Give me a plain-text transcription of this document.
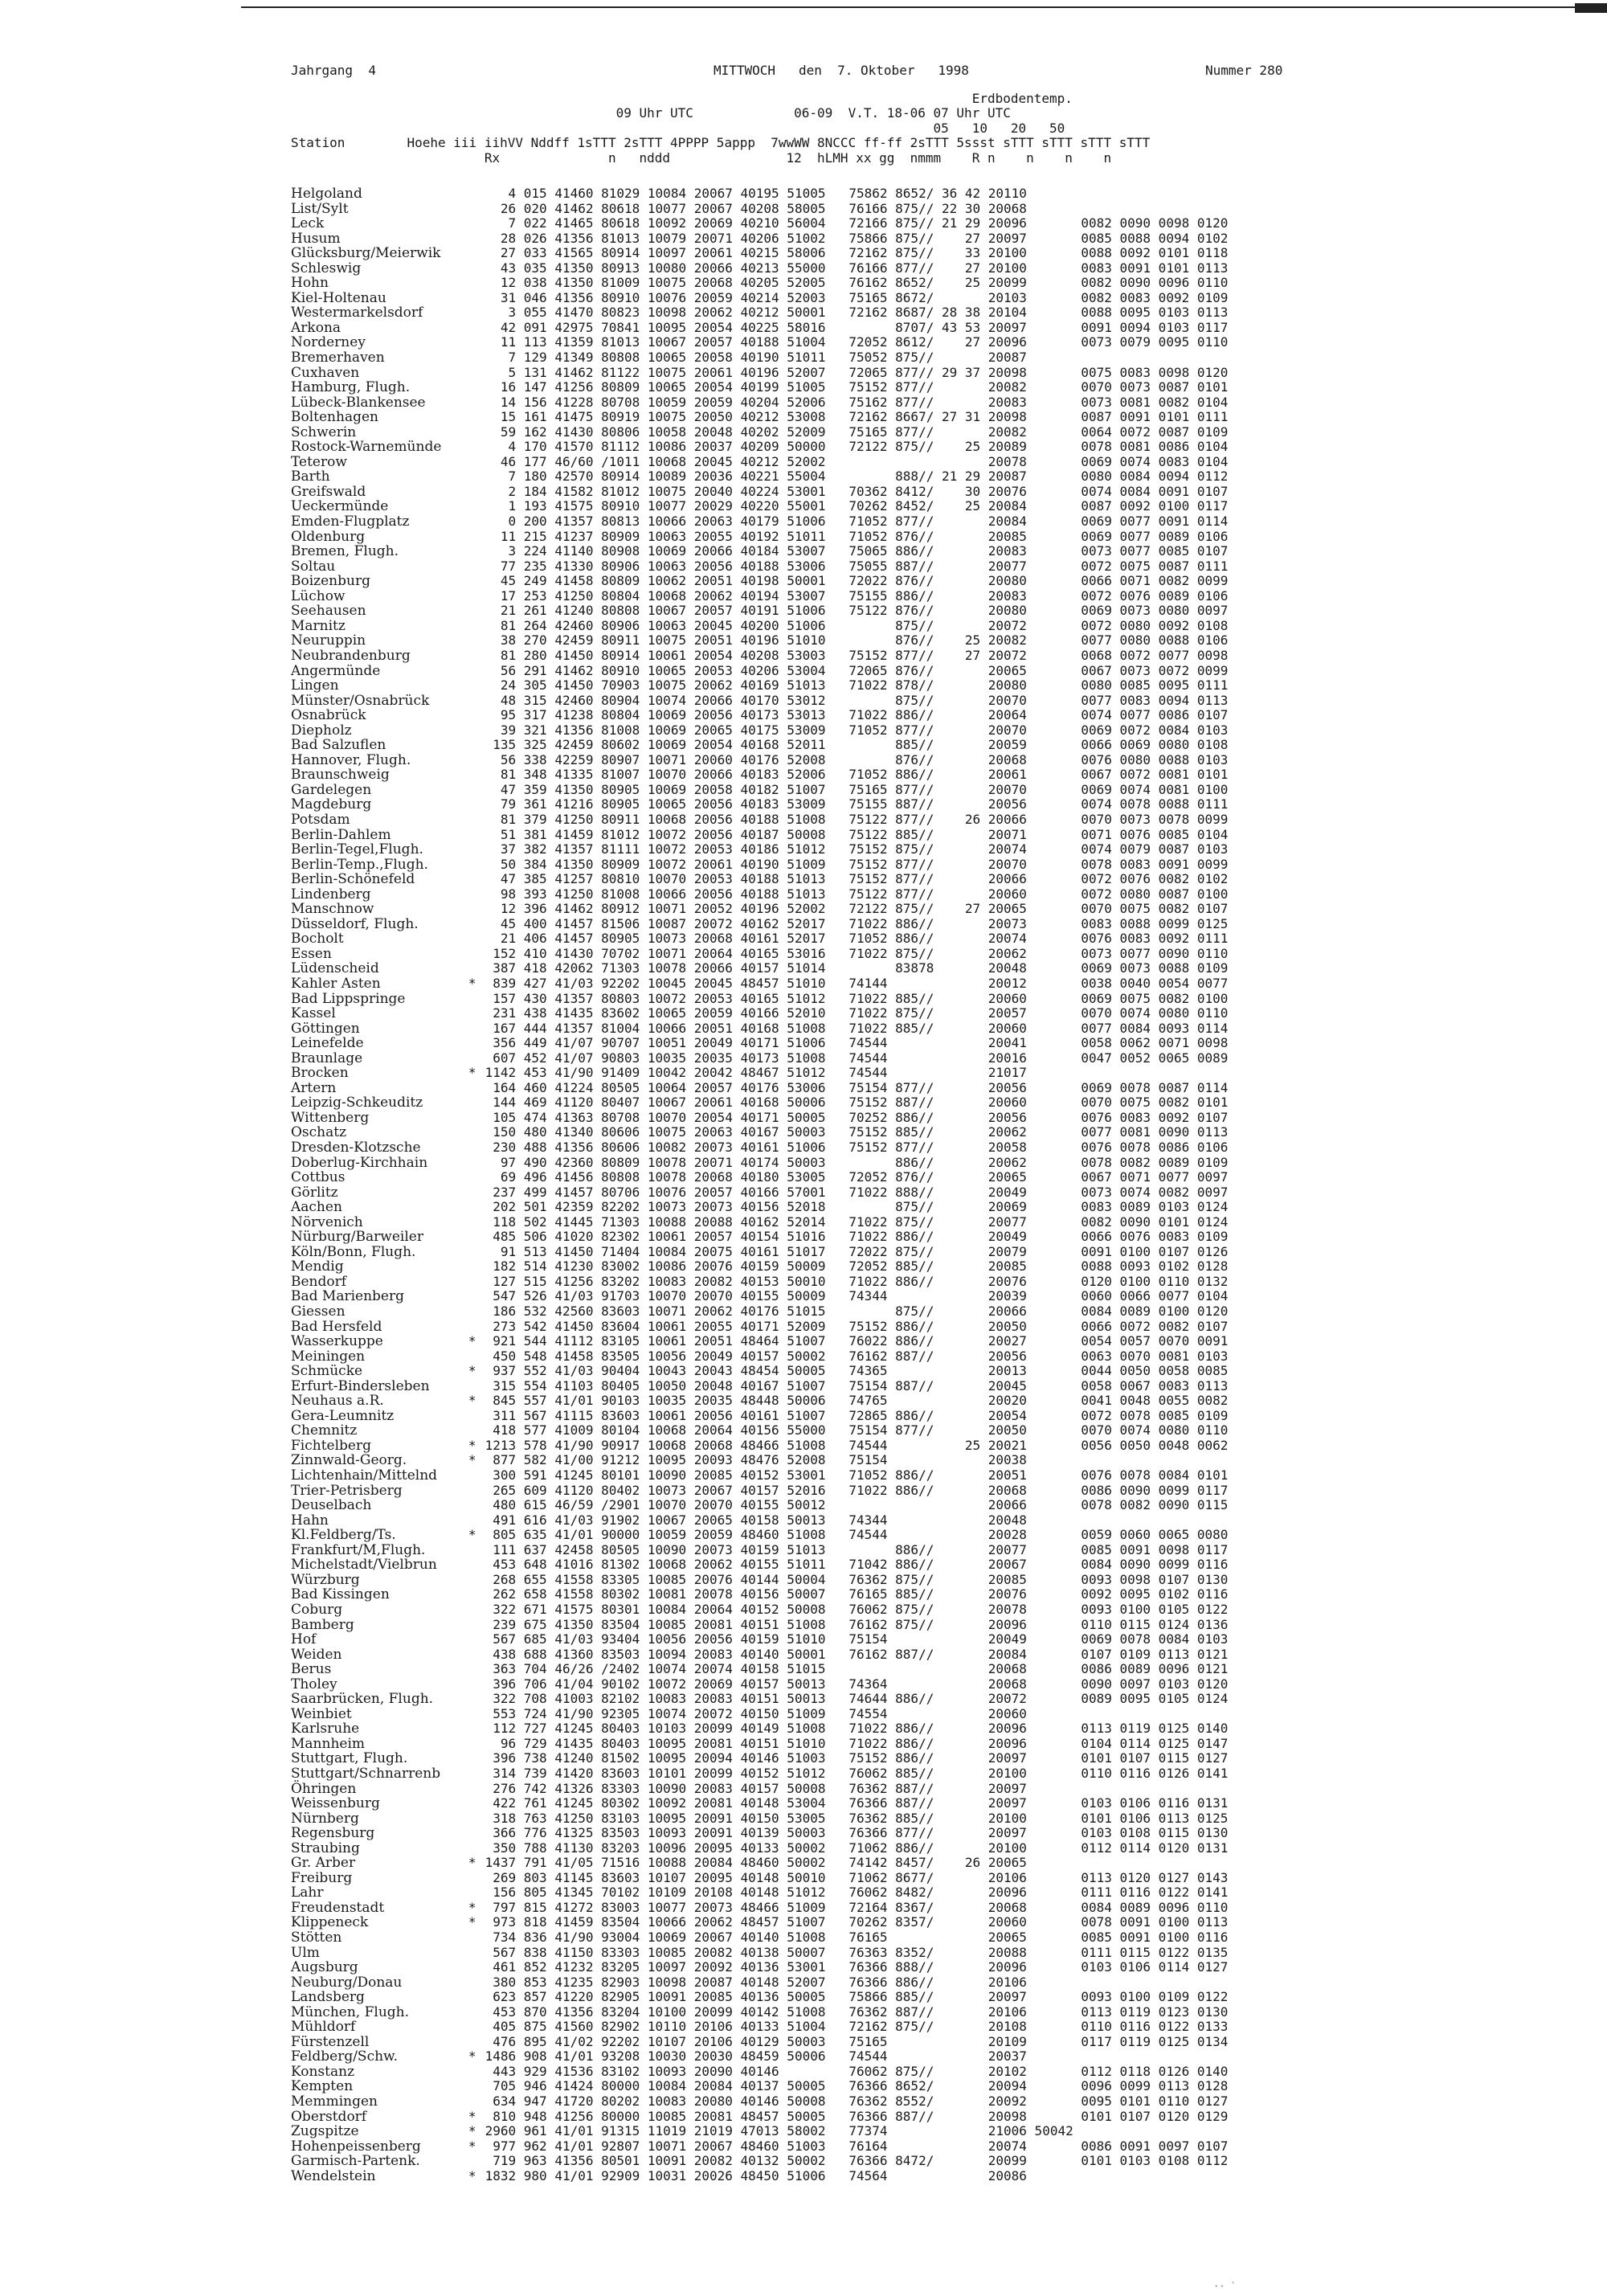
Jahrgang  4	MITTWOCH   den  7. Oktober   1998	Nummer 280
Erdbodentemp.
09 Uhr UTC             06-09  V.T. 18-06 07 Uhr UTC
05   10   20   50
Station        Hoehe iii iihVV Nddff 1sTTT 2sTTT 4PPPP 5appp  7wwWW 8NCCC ff-ff 2sTTT 5ssst sTTT sTTT sTTT sTTT
Rx              n   nddd               12  hLMH xx gg  nmmm    R n    n    n    n
Helgoland		4 015 41460 81029 10084 20067 40195 51005   75862 8652/ 36 42 20110
List/Sylt		26 020 41462 80618 10077 20067 40208 58005   76166 875// 22 30 20068
Leck		7 022 41465 80618 10092 20069 40210 56004   72166 875// 21 29 20096       0082 0090 0098 0120
Husum		28 026 41356 81013 10079 20071 40206 51002   75866 875//    27 20097       0085 0088 0094 0102
Glücksburg/Meierwik		27 033 41565 80914 10097 20061 40215 58006   72162 875//    33 20100       0088 0092 0101 0118
Schleswig		43 035 41350 80913 10080 20066 40213 55000   76166 877//    27 20100       0083 0091 0101 0113
Hohn		12 038 41350 81009 10075 20068 40205 52005   76162 8652/    25 20099       0082 0090 0096 0110
Kiel-Holtenau		31 046 41356 80910 10076 20059 40214 52003   75165 8672/       20103       0082 0083 0092 0109
Westermarkelsdorf		3 055 41470 80823 10098 20062 40212 50001   72162 8687/ 28 38 20104       0088 0095 0103 0113
Arkona		42 091 42975 70841 10095 20054 40225 58016         8707/ 43 53 20097       0091 0094 0103 0117
Norderney		11 113 41359 81013 10067 20057 40188 51004   72052 8612/    27 20096       0073 0079 0095 0110
Bremerhaven		7 129 41349 80808 10065 20058 40190 51011   75052 875//       20087
Cuxhaven		5 131 41462 81122 10075 20061 40196 52007   72065 877// 29 37 20098       0075 0083 0098 0120
Hamburg, Flugh.		16 147 41256 80809 10065 20054 40199 51005   75152 877//       20082       0070 0073 0087 0101
Lübeck-Blankensee		14 156 41228 80708 10059 20059 40204 52006   75162 877//       20083       0073 0081 0082 0104
Boltenhagen		15 161 41475 80919 10075 20050 40212 53008   72162 8667/ 27 31 20098       0087 0091 0101 0111
Schwerin		59 162 41430 80806 10058 20048 40202 52009   75165 877//       20082       0064 0072 0087 0109
Rostock-Warnemünde		4 170 41570 81112 10086 20037 40209 50000   72122 875//    25 20089       0078 0081 0086 0104
Teterow		46 177 46/60 /1011 10068 20045 40212 52002                     20078       0069 0074 0083 0104
Barth		7 180 42570 80914 10089 20036 40221 55004         888// 21 29 20087       0080 0084 0094 0112
Greifswald		2 184 41582 81012 10075 20040 40224 53001   70362 8412/    30 20076       0074 0084 0091 0107
Ueckermünde		1 193 41575 80910 10077 20029 40220 55001   70262 8452/    25 20084       0087 0092 0100 0117
Emden-Flugplatz		0 200 41357 80813 10066 20063 40179 51006   71052 877//       20084       0069 0077 0091 0114
Oldenburg		11 215 41237 80909 10063 20055 40192 51011   71052 876//       20085       0069 0077 0089 0106
Bremen, Flugh.		3 224 41140 80908 10069 20066 40184 53007   75065 886//       20083       0073 0077 0085 0107
Soltau		77 235 41330 80906 10063 20056 40188 53006   75055 887//       20077       0072 0075 0087 0111
Boizenburg		45 249 41458 80809 10062 20051 40198 50001   72022 876//       20080       0066 0071 0082 0099
Lüchow		17 253 41250 80804 10068 20062 40194 53007   75155 886//       20083       0072 0076 0089 0106
Seehausen		21 261 41240 80808 10067 20057 40191 51006   75122 876//       20080       0069 0073 0080 0097
Marnitz		81 264 42460 80906 10063 20045 40200 51006         875//       20072       0072 0080 0092 0108
Neuruppin		38 270 42459 80911 10075 20051 40196 51010         876//    25 20082       0077 0080 0088 0106
Neubrandenburg		81 280 41450 80914 10061 20054 40208 53003   75152 877//    27 20072       0068 0072 0077 0098
Angermünde		56 291 41462 80910 10065 20053 40206 53004   72065 876//       20065       0067 0073 0072 0099
Lingen		24 305 41450 70903 10075 20062 40169 51013   71022 878//       20080       0080 0085 0095 0111
Münster/Osnabrück		48 315 42460 80904 10074 20066 40170 53012         875//       20070       0077 0083 0094 0113
Osnabrück		95 317 41238 80804 10069 20056 40173 53013   71022 886//       20064       0074 0077 0086 0107
Diepholz		39 321 41356 81008 10069 20065 40175 53009   71052 877//       20070       0069 0072 0084 0103
Bad Salzuflen		135 325 42459 80602 10069 20054 40168 52011         885//       20059       0066 0069 0080 0108
Hannover, Flugh.		56 338 42259 80907 10071 20060 40176 52008         876//       20068       0076 0080 0088 0103
Braunschweig		81 348 41335 81007 10070 20066 40183 52006   71052 886//       20061       0067 0072 0081 0101
Gardelegen		47 359 41350 80905 10069 20058 40182 51007   75165 877//       20070       0069 0074 0081 0100
Magdeburg		79 361 41216 80905 10065 20056 40183 53009   75155 887//       20056       0074 0078 0088 0111
Potsdam		81 379 41250 80911 10068 20056 40188 51008   75122 877//    26 20066       0070 0073 0078 0099
Berlin-Dahlem		51 381 41459 81012 10072 20056 40187 50008   75122 885//       20071       0071 0076 0085 0104
Berlin-Tegel,Flugh.		37 382 41357 81111 10072 20053 40186 51012   75152 875//       20074       0074 0079 0087 0103
Berlin-Temp.,Flugh.		50 384 41350 80909 10072 20061 40190 51009   75152 877//       20070       0078 0083 0091 0099
Berlin-Schönefeld		47 385 41257 80810 10070 20053 40188 51013   75152 877//       20066       0072 0076 0082 0102
Lindenberg		98 393 41250 81008 10066 20056 40188 51013   75122 877//       20060       0072 0080 0087 0100
Manschnow		12 396 41462 80912 10071 20052 40196 52002   72122 875//    27 20065       0070 0075 0082 0107
Düsseldorf, Flugh.		45 400 41457 81506 10087 20072 40162 52017   71022 886//       20073       0083 0088 0099 0125
Bocholt		21 406 41457 80905 10073 20068 40161 52017   71052 886//       20074       0076 0083 0092 0111
Essen		152 410 41430 70702 10071 20064 40165 53016   71022 875//       20062       0073 0077 0090 0110
Lüdenscheid		387 418 42062 71303 10078 20066 40157 51014         83878       20048       0069 0073 0088 0109
Kahler Asten	*	839 427 41/03 92202 10045 20045 48457 51010   74144             20012       0038 0040 0054 0077
Bad Lippspringe		157 430 41357 80803 10072 20053 40165 51012   71022 885//       20060       0069 0075 0082 0100
Kassel		231 438 41435 83602 10065 20059 40166 52010   71022 875//       20057       0070 0074 0080 0110
Göttingen		167 444 41357 81004 10066 20051 40168 51008   71022 885//       20060       0077 0084 0093 0114
Leinefelde		356 449 41/07 90707 10051 20049 40171 51006   74544             20041       0058 0062 0071 0098
Braunlage		607 452 41/07 90803 10035 20035 40173 51008   74544             20016       0047 0052 0065 0089
Brocken	*	1142 453 41/90 91409 10042 20042 48467 51012   74544             21017
Artern		164 460 41224 80505 10064 20057 40176 53006   75154 877//       20056       0069 0078 0087 0114
Leipzig-Schkeuditz		144 469 41120 80407 10067 20061 40168 50006   75152 887//       20060       0070 0075 0082 0101
Wittenberg		105 474 41363 80708 10070 20054 40171 50005   70252 886//       20056       0076 0083 0092 0107
Oschatz		150 480 41340 80606 10075 20063 40167 50003   75152 885//       20062       0077 0081 0090 0113
Dresden-Klotzsche		230 488 41356 80606 10082 20073 40161 51006   75152 877//       20058       0076 0078 0086 0106
Doberlug-Kirchhain		97 490 42360 80809 10078 20071 40174 50003         886//       20062       0078 0082 0089 0109
Cottbus		69 496 41456 80808 10078 20068 40180 53005   72052 876//       20065       0067 0071 0077 0097
Görlitz		237 499 41457 80706 10076 20057 40166 57001   71022 888//       20049       0073 0074 0082 0097
Aachen		202 501 42359 82202 10073 20073 40156 52018         875//       20069       0083 0089 0103 0124
Nörvenich		118 502 41445 71303 10088 20088 40162 52014   71022 875//       20077       0082 0090 0101 0124
Nürburg/Barweiler		485 506 41020 82302 10061 20057 40154 51016   71022 886//       20049       0066 0076 0083 0109
Köln/Bonn, Flugh.		91 513 41450 71404 10084 20075 40161 51017   72022 875//       20079       0091 0100 0107 0126
Mendig		182 514 41230 83002 10086 20076 40159 50009   72052 885//       20085       0088 0093 0102 0128
Bendorf		127 515 41256 83202 10083 20082 40153 50010   71022 886//       20076       0120 0100 0110 0132
Bad Marienberg		547 526 41/03 91703 10070 20070 40155 50009   74344             20039       0060 0066 0077 0104
Giessen		186 532 42560 83603 10071 20062 40176 51015         875//       20066       0084 0089 0100 0120
Bad Hersfeld		273 542 41450 83604 10061 20055 40171 52009   75152 886//       20050       0066 0072 0082 0107
Wasserkuppe	*	921 544 41112 83105 10061 20051 48464 51007   76022 886//       20027       0054 0057 0070 0091
Meiningen		450 548 41458 83505 10056 20049 40157 50002   76162 887//       20056       0063 0070 0081 0103
Schmücke	*	937 552 41/03 90404 10043 20043 48454 50005   74365             20013       0044 0050 0058 0085
Erfurt-Bindersleben		315 554 41103 80405 10050 20048 40167 51007   75154 887//       20045       0058 0067 0083 0113
Neuhaus a.R.	*	845 557 41/01 90103 10035 20035 48448 50006   74765             20020       0041 0048 0055 0082
Gera-Leumnitz		311 567 41115 83603 10061 20056 40161 51007   72865 886//       20054       0072 0078 0085 0109
Chemnitz		418 577 41009 80104 10068 20064 40156 55000   75154 877//       20050       0070 0074 0080 0110
Fichtelberg	*	1213 578 41/90 90917 10068 20068 48466 51008   74544          25 20021       0056 0050 0048 0062
Zinnwald-Georg.	*	877 582 41/00 91212 10095 20093 48476 52008   75154             20038
Lichtenhain/Mittelnd		300 591 41245 80101 10090 20085 40152 53001   71052 886//       20051       0076 0078 0084 0101
Trier-Petrisberg		265 609 41120 80402 10073 20067 40157 52016   71022 886//       20068       0086 0090 0099 0117
Deuselbach		480 615 46/59 /2901 10070 20070 40155 50012                     20066       0078 0082 0090 0115
Hahn		491 616 41/03 91902 10067 20065 40158 50013   74344             20048
Kl.Feldberg/Ts.	*	805 635 41/01 90000 10059 20059 48460 51008   74544             20028       0059 0060 0065 0080
Frankfurt/M,Flugh.		111 637 42458 80505 10090 20073 40159 51013         886//       20077       0085 0091 0098 0117
Michelstadt/Vielbrun		453 648 41016 81302 10068 20062 40155 51011   71042 886//       20067       0084 0090 0099 0116
Würzburg		268 655 41558 83305 10085 20076 40144 50004   76362 875//       20085       0093 0098 0107 0130
Bad Kissingen		262 658 41558 80302 10081 20078 40156 50007   76165 885//       20076       0092 0095 0102 0116
Coburg		322 671 41575 80301 10084 20064 40152 50008   76062 875//       20078       0093 0100 0105 0122
Bamberg		239 675 41350 83504 10085 20081 40151 51008   76162 875//       20096       0110 0115 0124 0136
Hof		567 685 41/03 93404 10056 20056 40159 51010   75154             20049       0069 0078 0084 0103
Weiden		438 688 41360 83503 10094 20083 40140 50001   76162 887//       20084       0107 0109 0113 0121
Berus		363 704 46/26 /2402 10074 20074 40158 51015                     20068       0086 0089 0096 0121
Tholey		396 706 41/04 90102 10072 20069 40157 50013   74364             20068       0090 0097 0103 0120
Saarbrücken, Flugh.		322 708 41003 82102 10083 20083 40151 50013   74644 886//       20072       0089 0095 0105 0124
Weinbiet		553 724 41/90 92305 10074 20072 40150 51009   74554             20060
Karlsruhe		112 727 41245 80403 10103 20099 40149 51008   71022 886//       20096       0113 0119 0125 0140
Mannheim		96 729 41435 80403 10095 20081 40151 51010   71022 886//       20096       0104 0114 0125 0147
Stuttgart, Flugh.		396 738 41240 81502 10095 20094 40146 51003   75152 886//       20097       0101 0107 0115 0127
Stuttgart/Schnarrenb		314 739 41420 83603 10101 20099 40152 51012   76062 885//       20100       0110 0116 0126 0141
Öhringen		276 742 41326 83303 10090 20083 40157 50008   76362 887//       20097
Weissenburg		422 761 41245 80302 10092 20081 40148 53004   76366 887//       20097       0103 0106 0116 0131
Nürnberg		318 763 41250 83103 10095 20091 40150 53005   76362 885//       20100       0101 0106 0113 0125
Regensburg		366 776 41325 83503 10093 20091 40139 50003   76366 877//       20097       0103 0108 0115 0130
Straubing		350 788 41130 83203 10096 20095 40133 50002   71062 886//       20100       0112 0114 0120 0131
Gr. Arber	*	1437 791 41/05 71516 10088 20084 48460 50002   74142 8457/    26 20065
Freiburg		269 803 41145 83603 10107 20095 40148 50010   71062 8677/       20106       0113 0120 0127 0143
Lahr		156 805 41345 70102 10109 20108 40148 51012   76062 8482/       20096       0111 0116 0122 0141
Freudenstadt	*	797 815 41272 83003 10077 20073 48466 51009   72164 8367/       20068       0084 0089 0096 0110
Klippeneck	*	973 818 41459 83504 10066 20062 48457 51007   70262 8357/       20060       0078 0091 0100 0113
Stötten		734 836 41/90 93004 10069 20067 40140 51008   76165             20065       0085 0091 0100 0116
Ulm		567 838 41150 83303 10085 20082 40138 50007   76363 8352/       20088       0111 0115 0122 0135
Augsburg		461 852 41232 83205 10097 20092 40136 53001   76366 888//       20096       0103 0106 0114 0127
Neuburg/Donau		380 853 41235 82903 10098 20087 40148 52007   76366 886//       20106
Landsberg		623 857 41220 82905 10091 20085 40136 50005   75866 885//       20097       0093 0100 0109 0122
München, Flugh.		453 870 41356 83204 10100 20099 40142 51008   76362 887//       20106       0113 0119 0123 0130
Mühldorf		405 875 41560 82902 10110 20106 40133 51004   72162 875//       20108       0110 0116 0122 0133
Fürstenzell		476 895 41/02 92202 10107 20106 40129 50003   75165             20109       0117 0119 0125 0134
Feldberg/Schw.	*	1486 908 41/01 93208 10030 20030 48459 50006   74544             20037
Konstanz		443 929 41536 83102 10093 20090 40146         76062 875//       20102       0112 0118 0126 0140
Kempten		705 946 41424 80000 10084 20084 40137 50005   76366 8652/       20094       0096 0099 0113 0128
Memmingen		634 947 41720 80202 10083 20080 40146 50008   76362 8552/       20092       0095 0101 0110 0127
Oberstdorf	*	810 948 41256 80000 10085 20081 48457 50005   76366 887//       20098       0101 0107 0120 0129
Zugspitze	*	2960 961 41/01 91315 11019 21019 47013 58002   77374             21006 50042
Hohenpeissenberg	*	977 962 41/01 92807 10071 20067 48460 51003   76164             20074       0086 0091 0097 0107
Garmisch-Partenk.		719 963 41356 80501 10091 20082 40132 50002   76366 8472/       20099       0101 0103 0108 0112
Wendelstein	*	1832 980 41/01 92909 10031 20026 48450 51006   74564             20086
·· `
